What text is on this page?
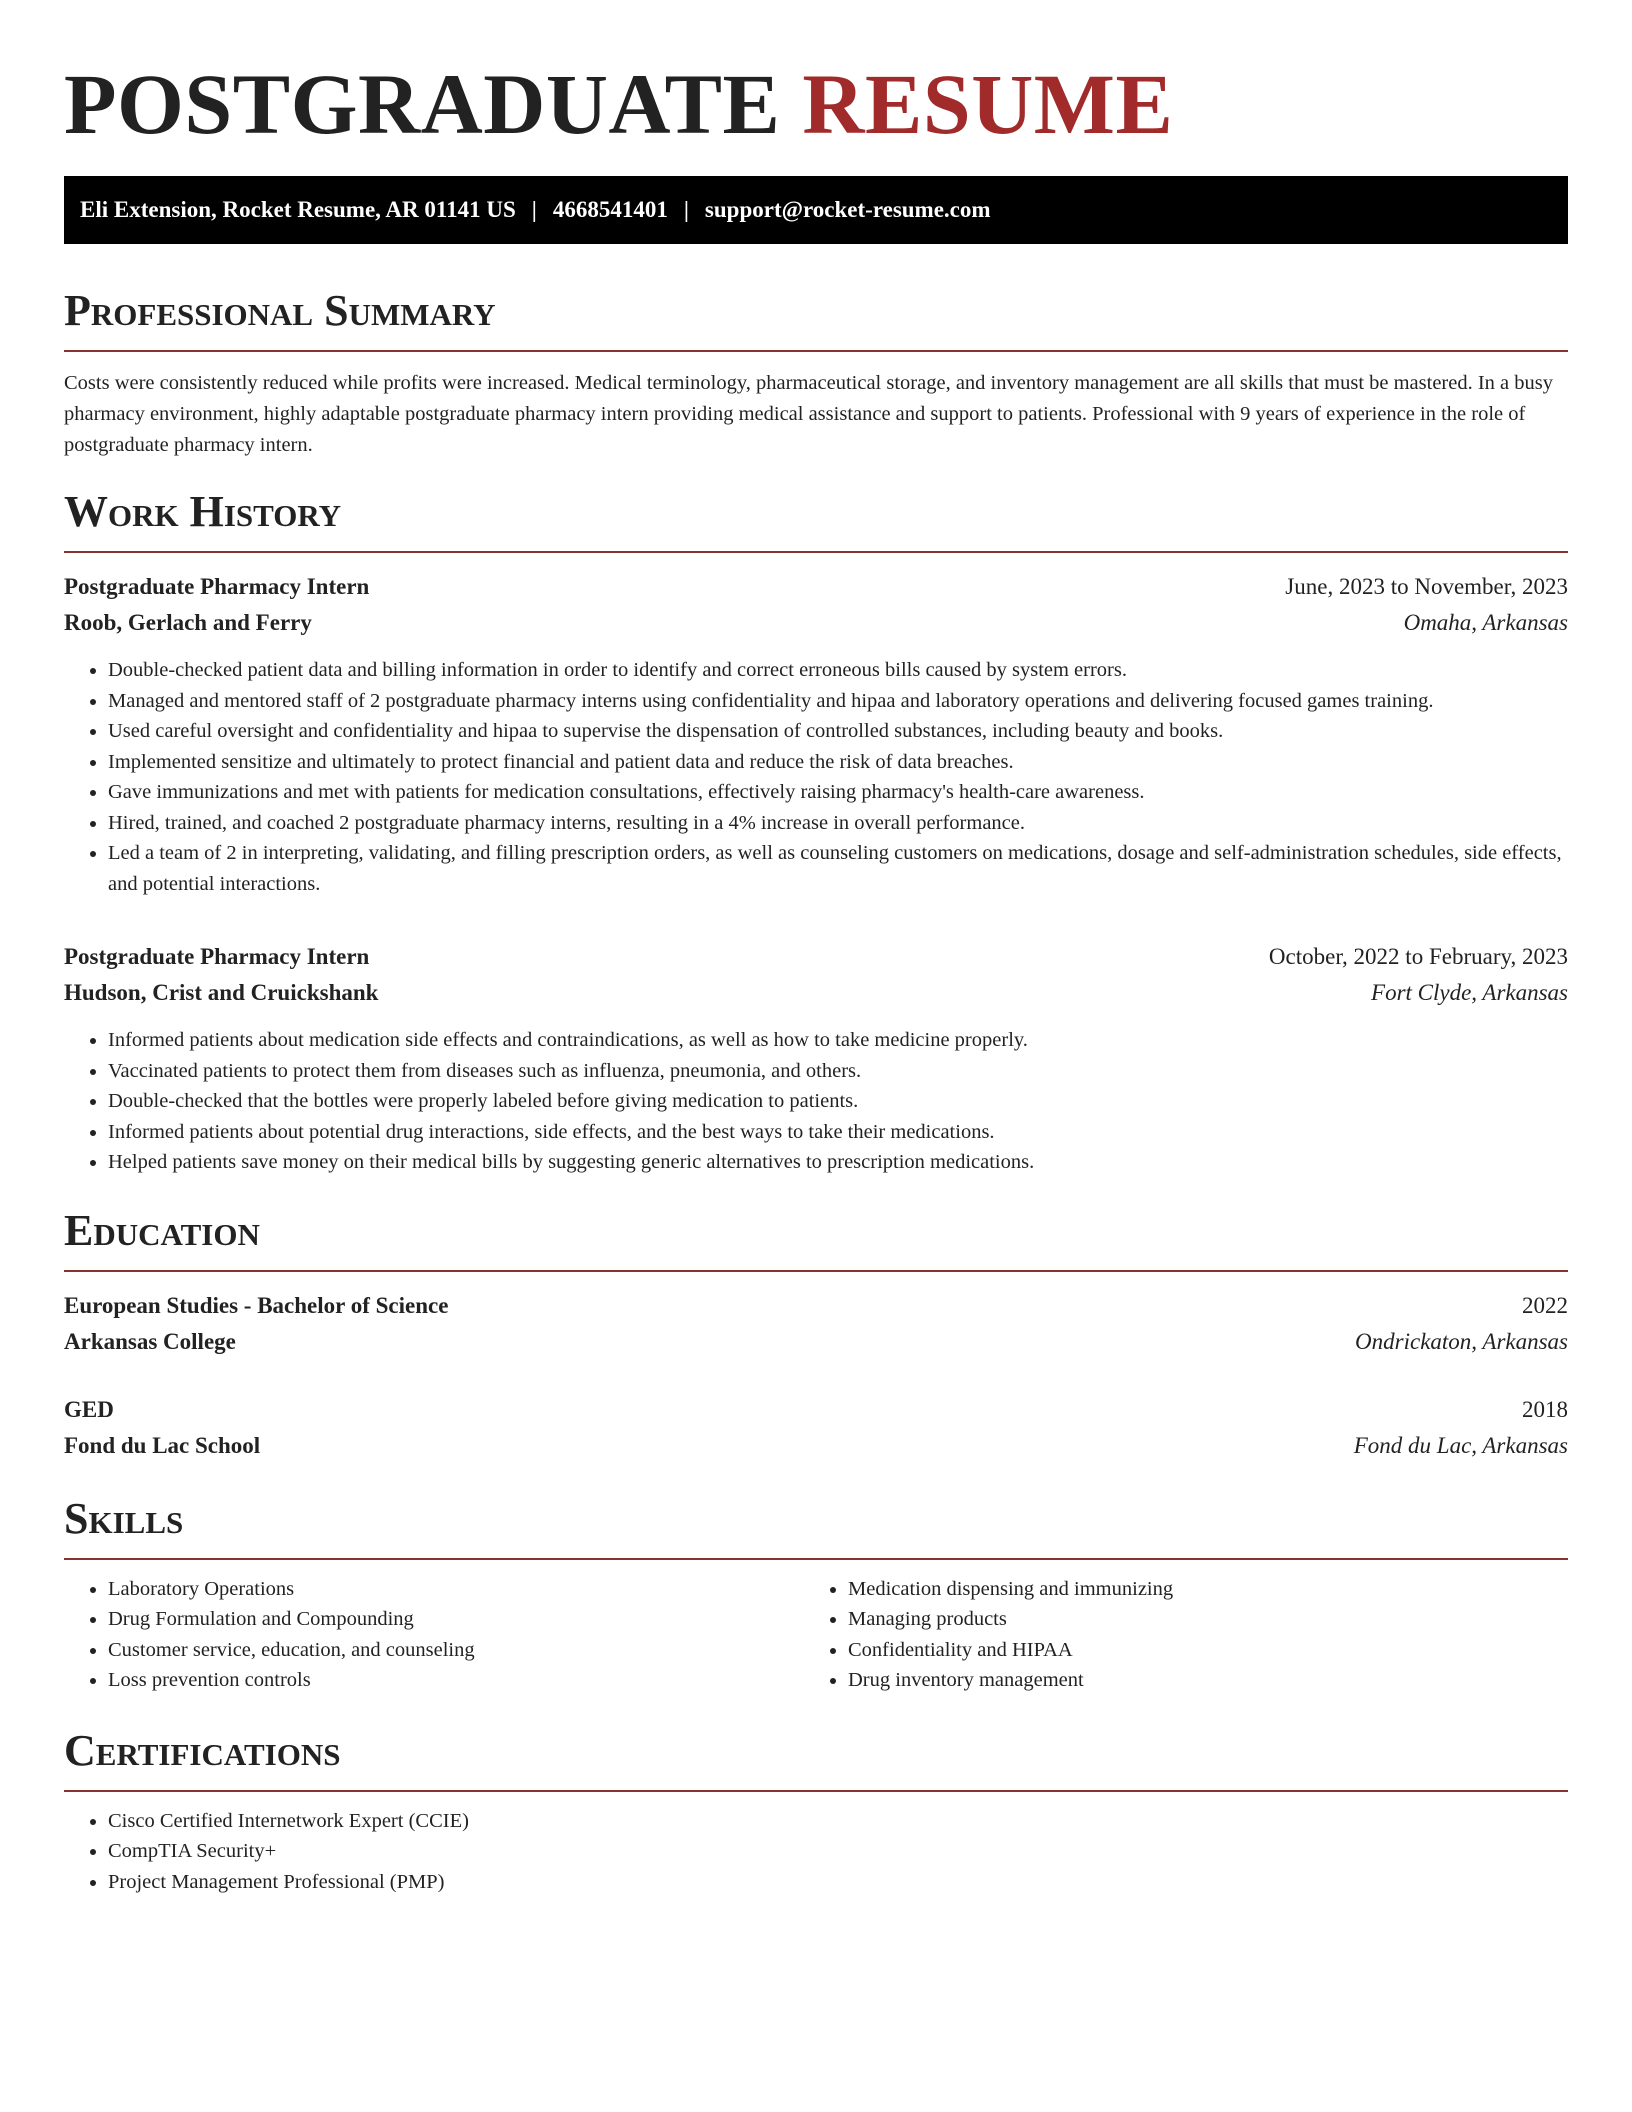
POSTGRADUATE RESUME
Eli Extension, Rocket Resume, AR 01141 US | 4668541401 | support@rocket-resume.com
Professional Summary

Costs were consistently reduced while profits were increased. Medical terminology, pharmaceutical storage, and inventory management are all skills that must be mastered. In a busy pharmacy environment, highly adaptable postgraduate pharmacy intern providing medical assistance and support to patients. Professional with 9 years of experience in the role of postgraduate pharmacy intern.

Work History
Postgraduate Pharmacy Intern	June, 2023 to November, 2023
Roob, Gerlach and Ferry	Omaha, Arkansas
• Double-checked patient data and billing information in order to identify and correct erroneous bills caused by system errors.
• Managed and mentored staff of 2 postgraduate pharmacy interns using confidentiality and hipaa and laboratory operations and delivering focused games training.
• Used careful oversight and confidentiality and hipaa to supervise the dispensation of controlled substances, including beauty and books.
• Implemented sensitize and ultimately to protect financial and patient data and reduce the risk of data breaches.
• Gave immunizations and met with patients for medication consultations, effectively raising pharmacy's health-care awareness.
• Hired, trained, and coached 2 postgraduate pharmacy interns, resulting in a 4% increase in overall performance.
• Led a team of 2 in interpreting, validating, and filling prescription orders, as well as counseling customers on medications, dosage and self-administration schedules, side effects, and potential interactions.
Postgraduate Pharmacy Intern	October, 2022 to February, 2023
Hudson, Crist and Cruickshank	Fort Clyde, Arkansas
• Informed patients about medication side effects and contraindications, as well as how to take medicine properly.
• Vaccinated patients to protect them from diseases such as influenza, pneumonia, and others.
• Double-checked that the bottles were properly labeled before giving medication to patients.
• Informed patients about potential drug interactions, side effects, and the best ways to take their medications.
• Helped patients save money on their medical bills by suggesting generic alternatives to prescription medications.
Education
European Studies - Bachelor of Science	2022
Arkansas College	Ondrickaton, Arkansas
GED	2018
Fond du Lac School	Fond du Lac, Arkansas
Skills
• Laboratory Operations
• Drug Formulation and Compounding
• Customer service, education, and counseling
• Loss prevention controls
• Medication dispensing and immunizing
• Managing products
• Confidentiality and HIPAA
• Drug inventory management
Certifications
• Cisco Certified Internetwork Expert (CCIE)
• CompTIA Security+
• Project Management Professional (PMP)
